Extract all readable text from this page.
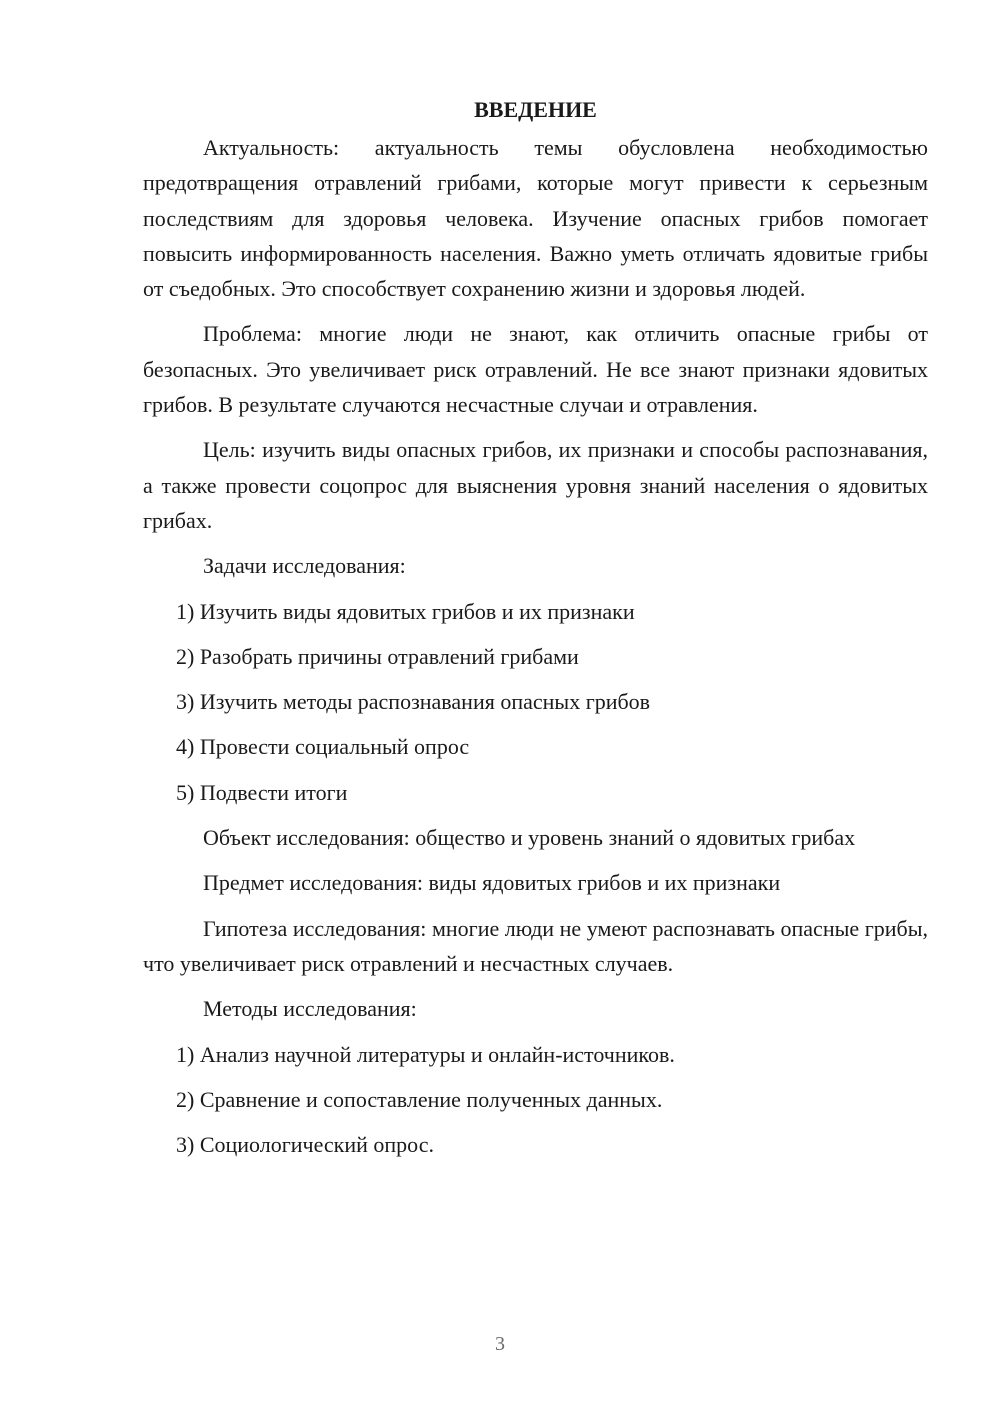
ВВЕДЕНИЕ

Актуальность: актуальность темы обусловлена необходимостью предотвращения отравлений грибами, которые могут привести к серьезным последствиям для здоровья человека. Изучение опасных грибов помогает повысить информированность населения. Важно уметь отличать ядовитые грибы от съедобных. Это способствует сохранению жизни и здоровья людей.

Проблема: многие люди не знают, как отличить опасные грибы от безопасных. Это увеличивает риск отравлений. Не все знают признаки ядовитых грибов. В результате случаются несчастные случаи и отравления.

Цель: изучить виды опасных грибов, их признаки и способы распознавания, а также провести соцопрос для выяснения уровня знаний населения о ядовитых грибах.

Задачи исследования:

1) Изучить виды ядовитых грибов и их признаки

2) Разобрать причины отравлений грибами

3) Изучить методы распознавания опасных грибов

4) Провести социальный опрос

5) Подвести итоги

Объект исследования: общество и уровень знаний о ядовитых грибах

Предмет исследования: виды ядовитых грибов и их признаки

Гипотеза исследования: многие люди не умеют распознавать опасные грибы, что увеличивает риск отравлений и несчастных случаев.

Методы исследования:

1) Анализ научной литературы и онлайн-источников.

2) Сравнение и сопоставление полученных данных.

3) Социологический опрос.

3
